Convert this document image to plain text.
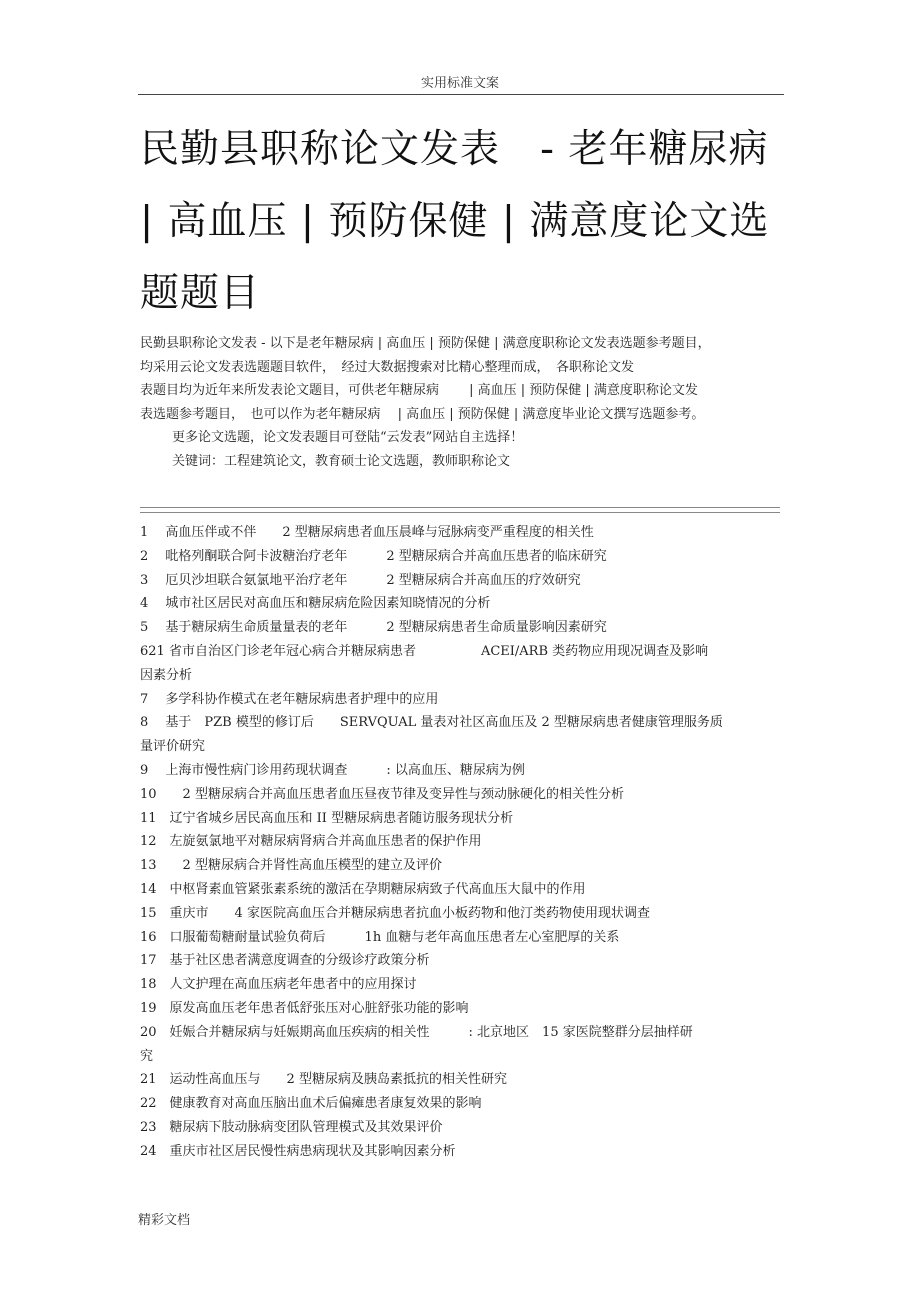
实用标准文案
民勤县职称论文发表　- 老年糖尿病
| 高血压 | 预防保健 | 满意度论文选
题题目

民勤县职称论文发表 - 以下是老年糖尿病 | 高血压 | 预防保健 | 满意度职称论文发表选题参考题目，

均采用云论文发表选题题目软件，　经过大数据搜索对比精心整理而成，　各职称论文发

表题目均为近年来所发表论文题目，可供老年糖尿病　　 | 高血压 | 预防保健 | 满意度职称论文发

表选题参考题目，　也可以作为老年糖尿病　 | 高血压 | 预防保健 | 满意度毕业论文撰写选题参考。

更多论文选题，论文发表题目可登陆“云发表”网站自主选择！

关键词：工程建筑论文，教育硕士论文选题，教师职称论文

1　 高血压伴或不伴　　2 型糖尿病患者血压晨峰与冠脉病变严重程度的相关性
2　 吡格列酮联合阿卡波糖治疗老年　　　2 型糖尿病合并高血压患者的临床研究
3　 厄贝沙坦联合氨氯地平治疗老年　　　2 型糖尿病合并高血压的疗效研究
4　 城市社区居民对高血压和糖尿病危险因素知晓情况的分析
5　 基于糖尿病生命质量量表的老年　　　2 型糖尿病患者生命质量影响因素研究
621 省市自治区门诊老年冠心病合并糖尿病患者　　　　　ACEI/ARB 类药物应用现况调查及影响
因素分析
7　 多学科协作模式在老年糖尿病患者护理中的应用
8　 基于　PZB 模型的修订后　　SERVQUAL 量表对社区高血压及 2 型糖尿病患者健康管理服务质
量评价研究
9　 上海市慢性病门诊用药现状调查　　　: 以高血压、糖尿病为例
10　　2 型糖尿病合并高血压患者血压昼夜节律及变异性与颈动脉硬化的相关性分析
11　辽宁省城乡居民高血压和 II 型糖尿病患者随访服务现状分析
12　左旋氨氯地平对糖尿病肾病合并高血压患者的保护作用
13　　2 型糖尿病合并肾性高血压模型的建立及评价
14　中枢肾素血管紧张素系统的激活在孕期糖尿病致子代高血压大鼠中的作用
15　重庆市　　4 家医院高血压合并糖尿病患者抗血小板药物和他汀类药物使用现状调查
16　口服葡萄糖耐量试验负荷后　　　1h 血糖与老年高血压患者左心室肥厚的关系
17　基于社区患者满意度调查的分级诊疗政策分析
18　人文护理在高血压病老年患者中的应用探讨
19　原发高血压老年患者低舒张压对心脏舒张功能的影响
20　妊娠合并糖尿病与妊娠期高血压疾病的相关性　　　: 北京地区　15 家医院整群分层抽样研
究
21　运动性高血压与　　2 型糖尿病及胰岛素抵抗的相关性研究
22　健康教育对高血压脑出血术后偏瘫患者康复效果的影响
23　糖尿病下肢动脉病变团队管理模式及其效果评价
24　重庆市社区居民慢性病患病现状及其影响因素分析
精彩文档
